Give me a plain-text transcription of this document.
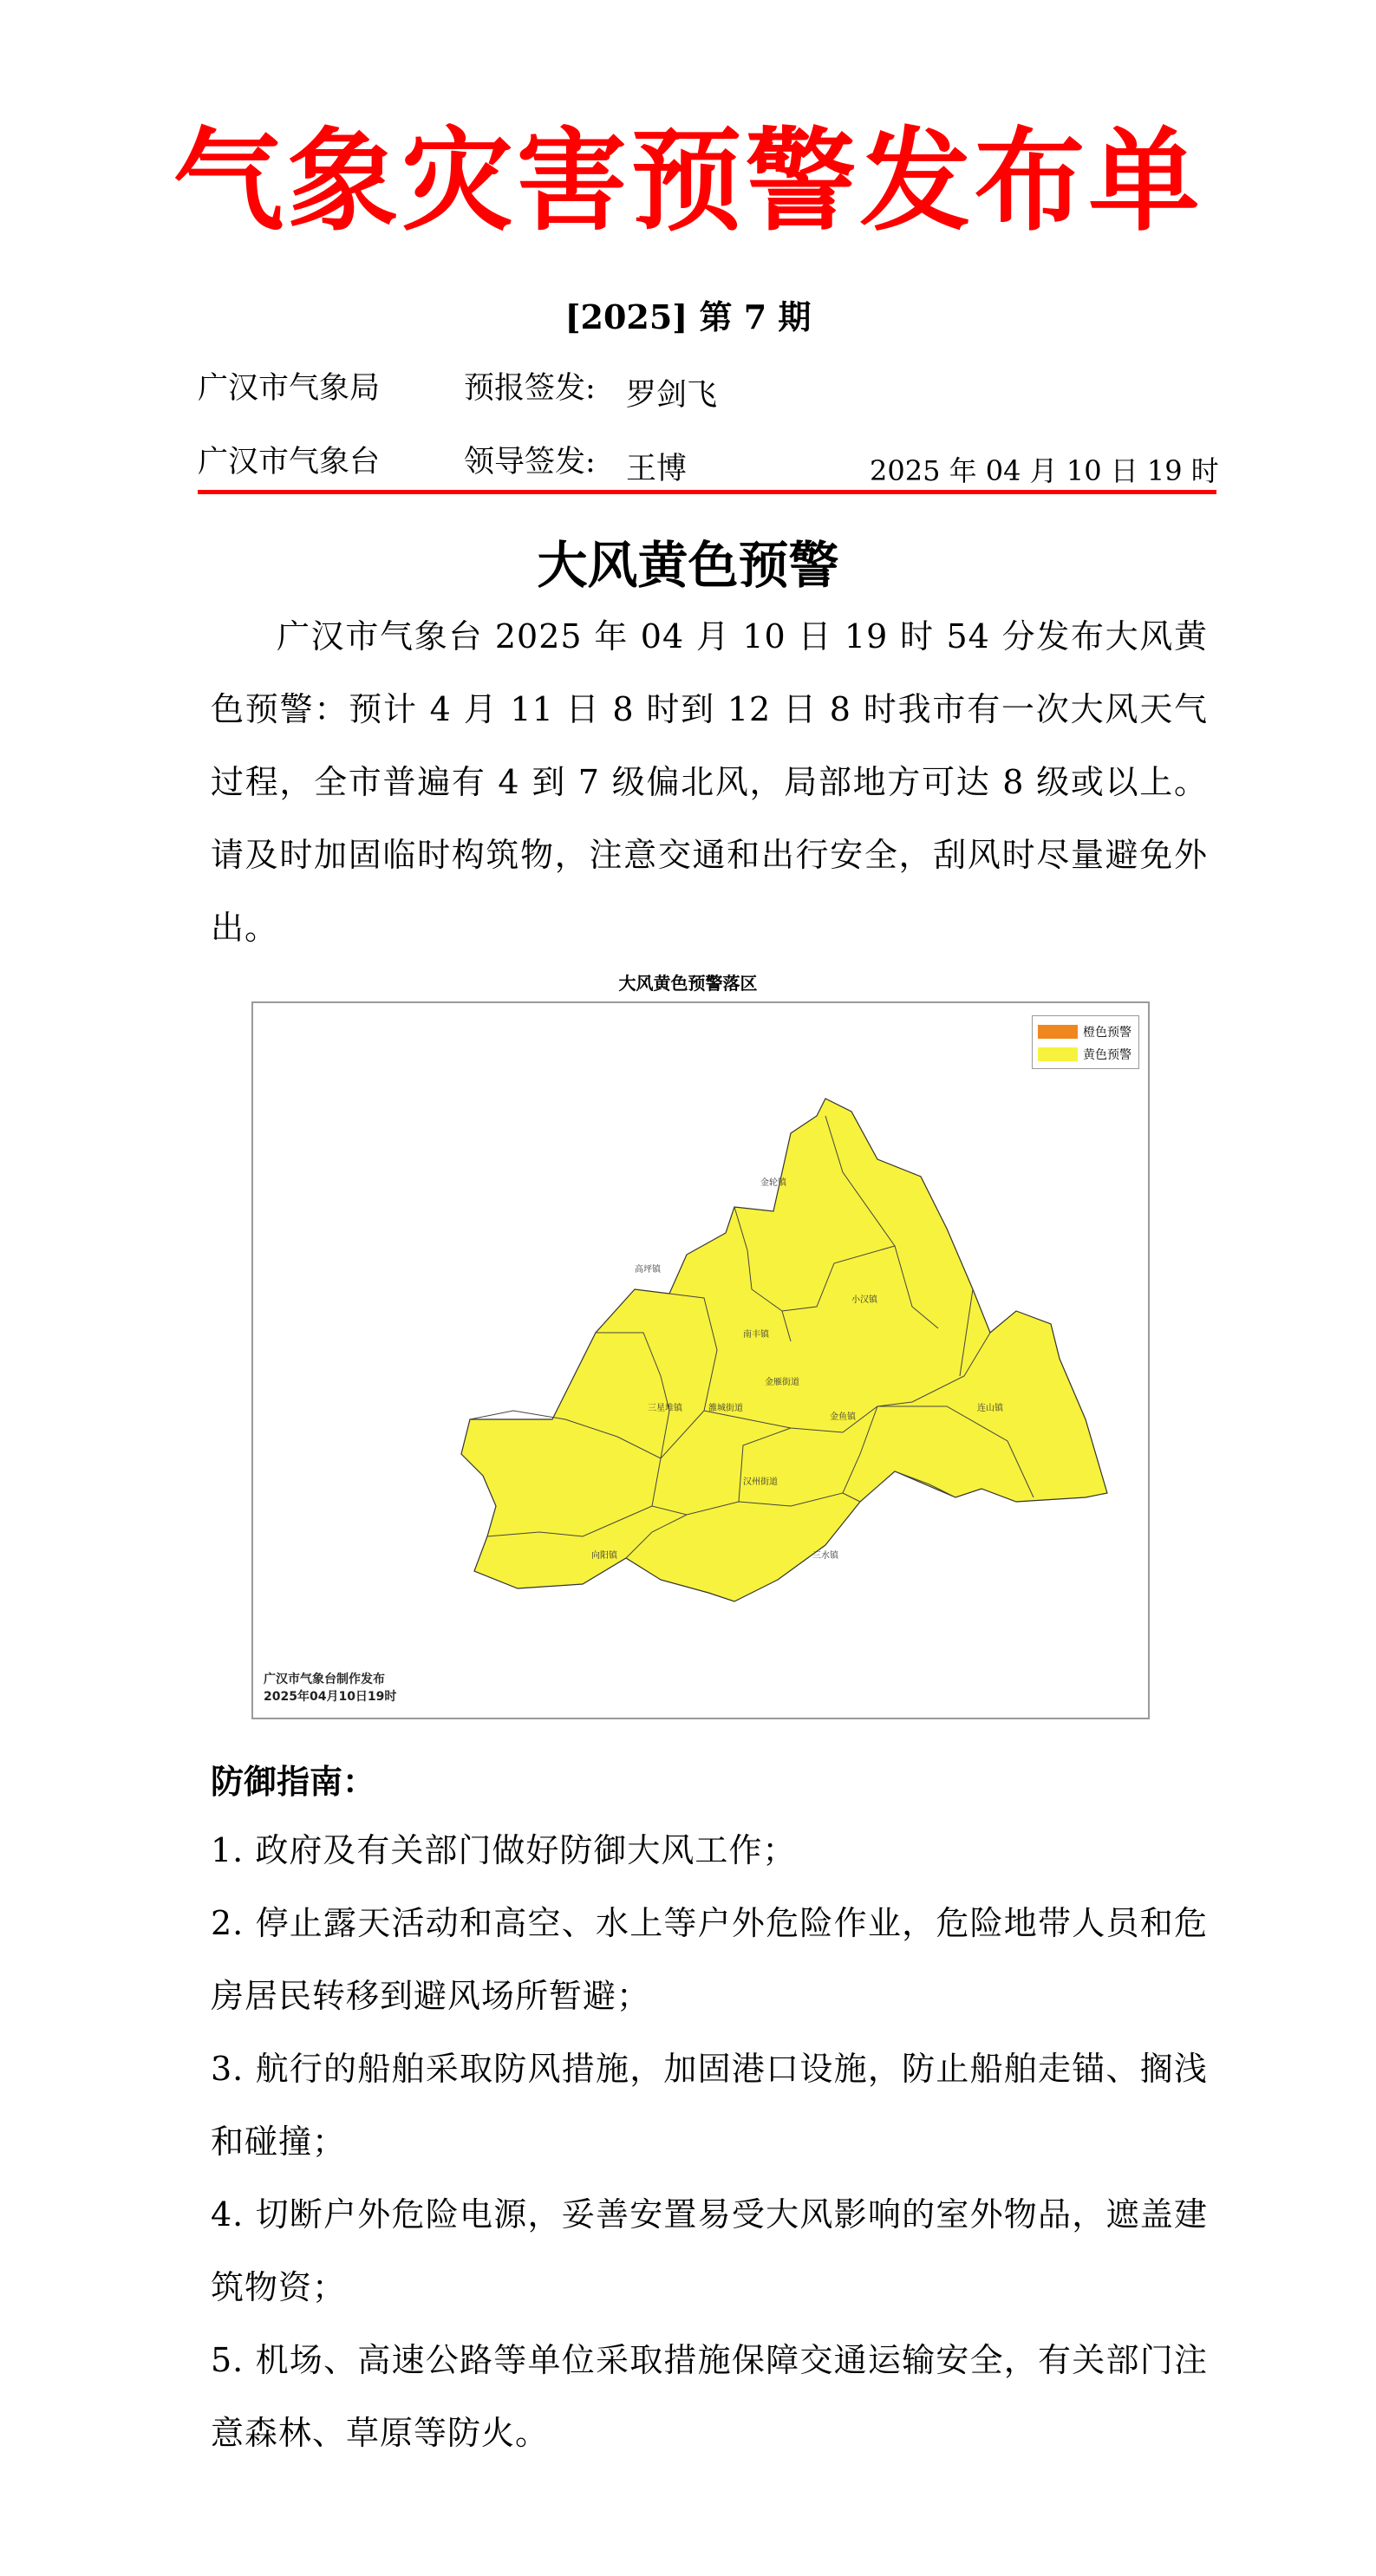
气象灾害预警发布单
[2025] 第 7 期
广汉市气象局	预报签发: 罗剑飞
广汉市气象台	领导签发: 王博	2025 年 04 月 10 日 19 时
大风黄色预警
广汉市气象台 2025 年 04 月 10 日 19 时 54 分发布大风黄色预警：预计 4 月 11 日 8 时到 12 日 8 时我市有一次大风天气过程，全市普遍有 4 到 7 级偏北风，局部地方可达 8 级或以上。请及时加固临时构筑物，注意交通和出行安全，刮风时尽量避免外出。
大风黄色预警落区
金轮镇
高坪镇
小汉镇
南丰镇
金雁街道
雒城街道
三星堆镇
金鱼镇
连山镇
汉州街道
向阳镇	三水镇
橙色预警
黄色预警
广汉市气象台制作发布
2025年04月10日19时
防御指南：
1. 政府及有关部门做好防御大风工作；
2. 停止露天活动和高空、水上等户外危险作业，危险地带人员和危房居民转移到避风场所暂避；
3. 航行的船舶采取防风措施，加固港口设施，防止船舶走锚、搁浅和碰撞；
4. 切断户外危险电源，妥善安置易受大风影响的室外物品，遮盖建筑物资；
5. 机场、高速公路等单位采取措施保障交通运输安全，有关部门注意森林、草原等防火。
